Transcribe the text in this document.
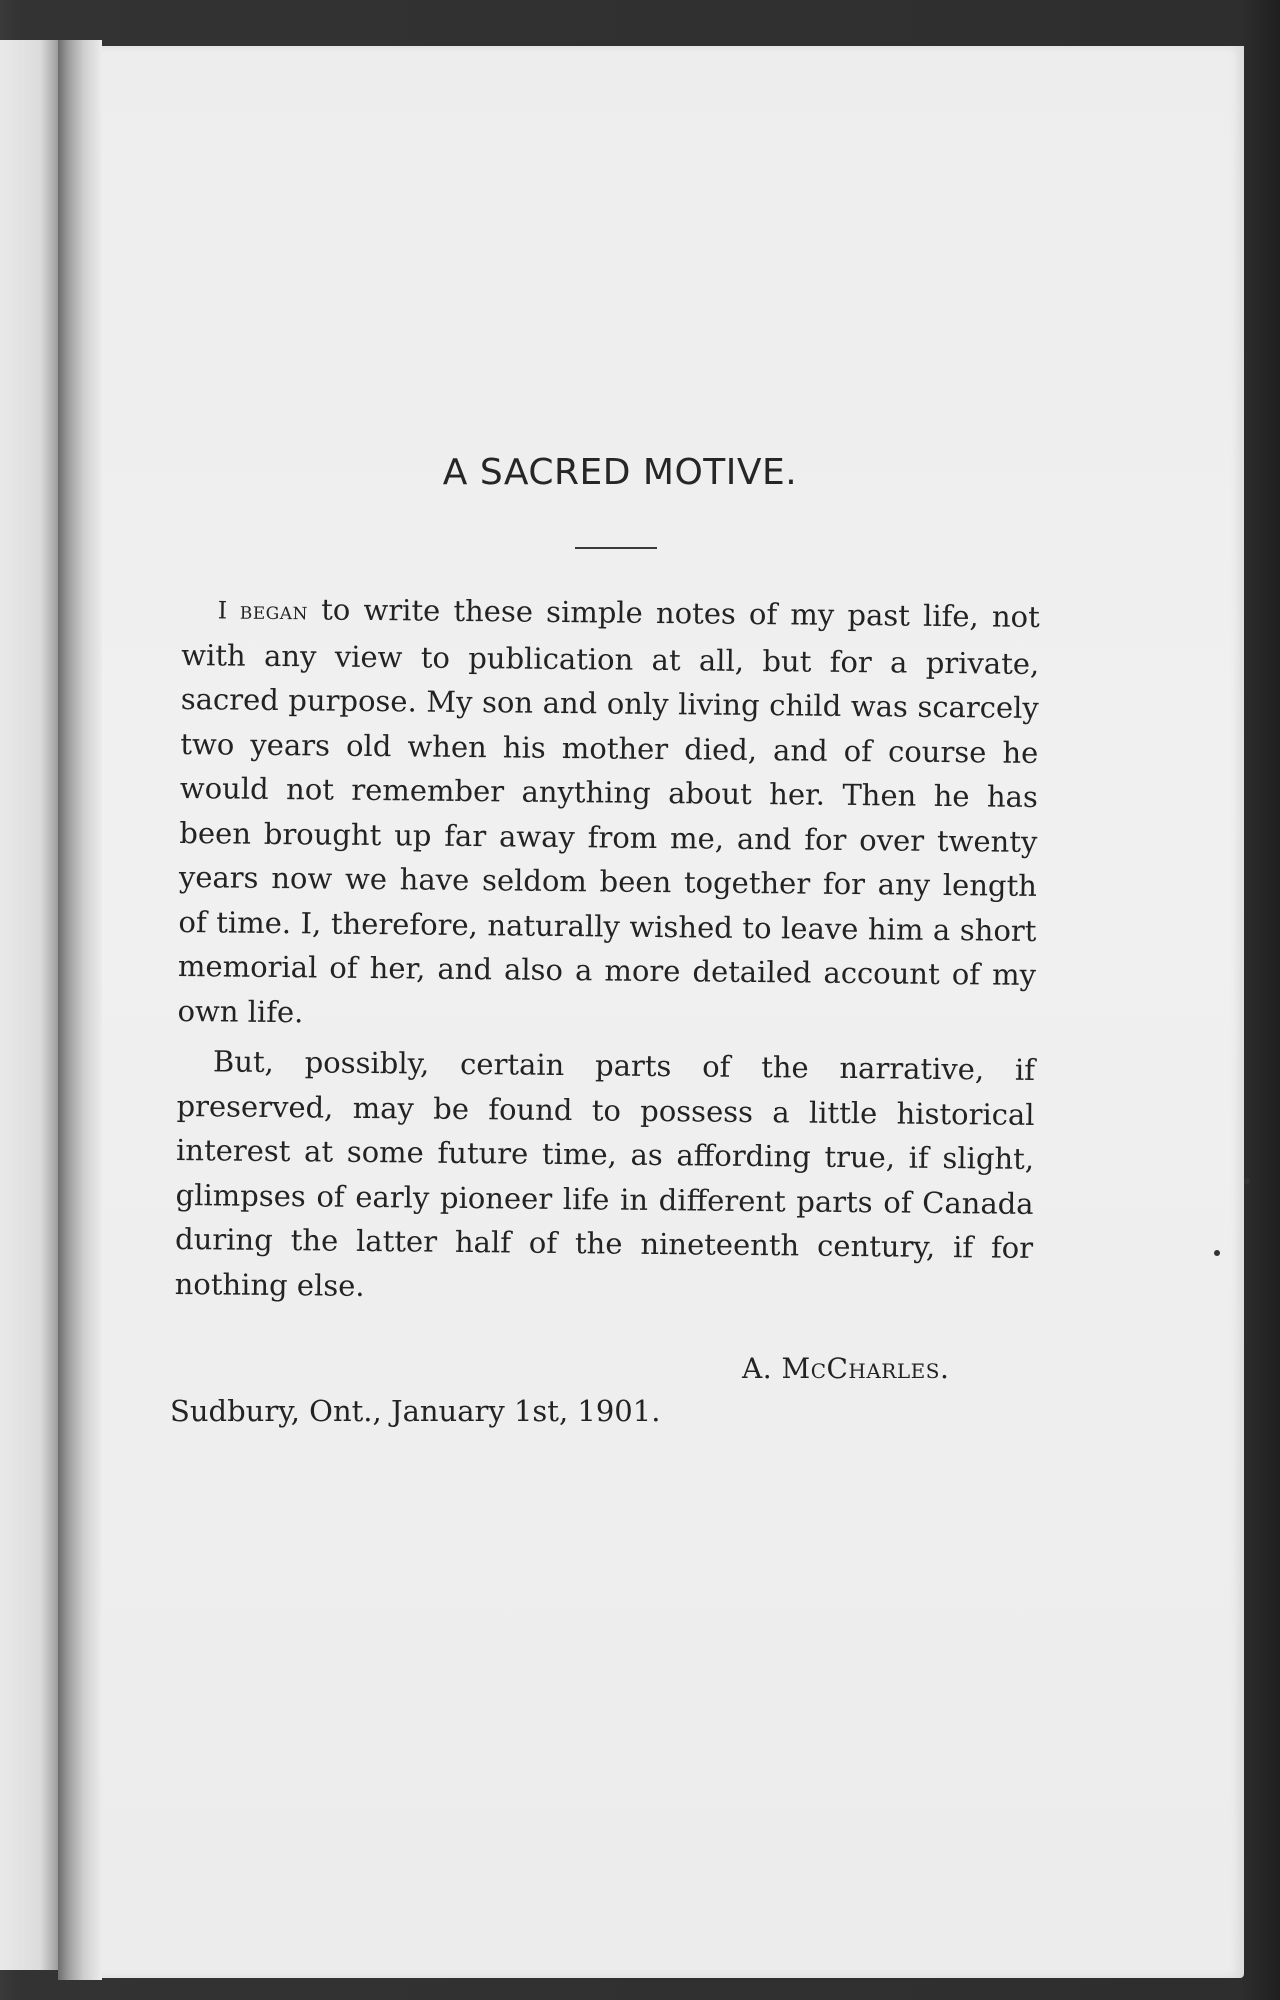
A SACRED MOTIVE.

I began to write these simple notes of my past life, not with any view to publication at all, but for a private, sacred purpose. My son and only living child was scarcely two years old when his mother died, and of course he would not remember anything about her. Then he has been brought up far away from me, and for over twenty years now we have seldom been together for any length of time. I, therefore, naturally wished to leave him a short memorial of her, and also a more detailed account of my own life.

But, possibly, certain parts of the narrative, if preserved, may be found to possess a little historical interest at some future time, as affording true, if slight, glimpses of early pioneer life in different parts of Canada during the latter half of the nineteenth century, if for nothing else.

A. McCharles.
Sudbury, Ont., January 1st, 1901.
